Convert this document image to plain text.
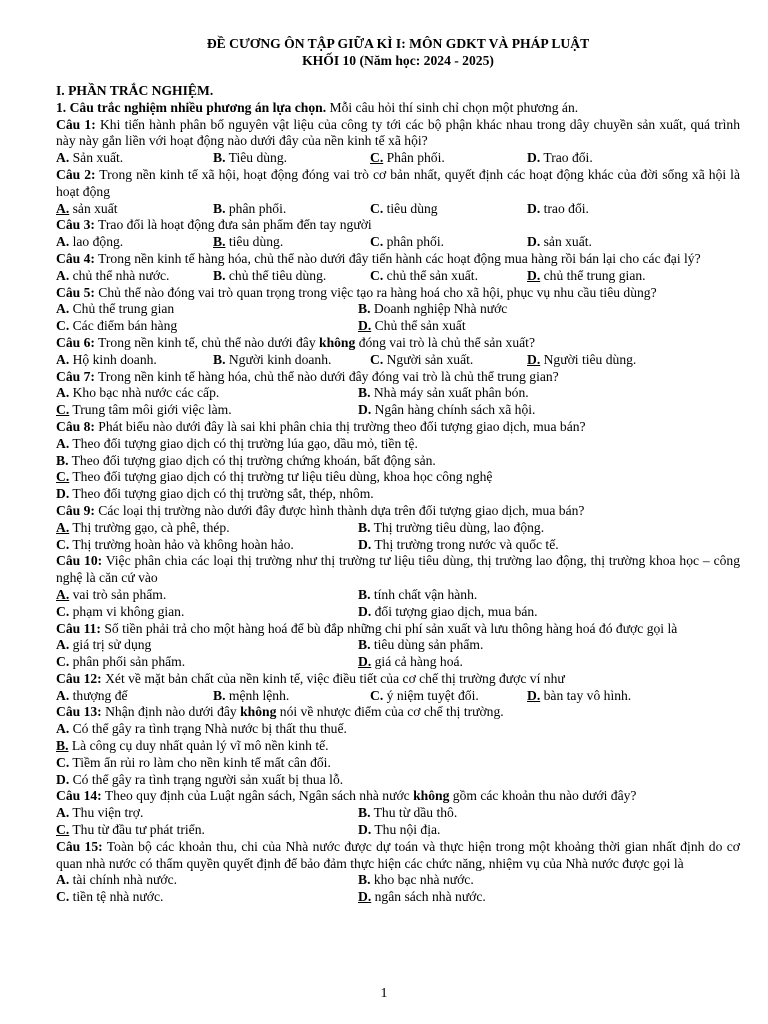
ĐỀ CƯƠNG ÔN TẬP GIỮA KÌ I: MÔN GDKT VÀ PHÁP LUẬT
KHỐI 10 (Năm học: 2024 - 2025)
I. PHẦN TRẮC NGHIỆM.
1. Câu trắc nghiệm nhiều phương án lựa chọn. Mỗi câu hỏi thí sinh chỉ chọn một phương án.
Câu 1: Khi tiến hành phân bố nguyên vật liệu của công ty tới các bộ phận khác nhau trong dây chuyền sản xuất, quá trình này này gắn liền với hoạt động nào dưới đây của nền kinh tế xã hội?
A. Sản xuất.	B. Tiêu dùng.	C. Phân phối.	D. Trao đổi.
Câu 2: Trong nền kinh tế xã hội, hoạt động đóng vai trò cơ bản nhất, quyết định các hoạt động khác của đời sống xã hội là hoạt động
A. sản xuất	B. phân phối.	C. tiêu dùng	D. trao đổi.
Câu 3: Trao đổi là hoạt động đưa sản phẩm đến tay người
A. lao động.	B. tiêu dùng.	C. phân phối.	D. sản xuất.
Câu 4: Trong nền kinh tế hàng hóa, chủ thể nào dưới đây tiến hành các hoạt động mua hàng rồi bán lại cho các đại lý?
A. chủ thể nhà nước.	B. chủ thể tiêu dùng.	C. chủ thể sản xuất.	D. chủ thể trung gian.
Câu 5: Chủ thể nào đóng vai trò quan trọng trong việc tạo ra hàng hoá cho xã hội, phục vụ nhu cầu tiêu dùng?
A. Chủ thể trung gian	B. Doanh nghiệp Nhà nước
C. Các điểm bán hàng	D. Chủ thể sản xuất
Câu 6: Trong nền kinh tế, chủ thể nào dưới đây không đóng vai trò là chủ thể sản xuất?
A. Hộ kinh doanh.	B. Người kinh doanh.	C. Người sản xuất.	D. Người tiêu dùng.
Câu 7: Trong nền kinh tế hàng hóa, chủ thể nào dưới đây đóng vai trò là chủ thể trung gian?
A. Kho bạc nhà nước các cấp.	B. Nhà máy sản xuất phân bón.
C. Trung tâm môi giới việc làm.	D. Ngân hàng chính sách xã hội.
Câu 8: Phát biểu nào dưới đây là sai khi phân chia thị trường theo đối tượng giao dịch, mua bán?
A. Theo đối tượng giao dịch có thị trường lúa gạo, dầu mỏ, tiền tệ.
B. Theo đối tượng giao dịch có thị trường chứng khoán, bất động sản.
C. Theo đối tượng giao dịch có thị trường tư liệu tiêu dùng, khoa học công nghệ
D. Theo đối tượng giao dịch có thị trường sắt, thép, nhôm.
Câu 9: Các loại thị trường nào dưới đây được hình thành dựa trên đối tượng giao dịch, mua bán?
A. Thị trường gạo, cà phê, thép.	B. Thị trường tiêu dùng, lao động.
C. Thị trường hoàn hảo và không hoàn hảo.	D. Thị trường trong nước và quốc tế.
Câu 10: Việc phân chia các loại thị trường như thị trường tư liệu tiêu dùng, thị trường lao động, thị trường khoa học – công nghệ là căn cứ vào
A. vai trò sản phẩm.	B. tính chất vận hành.
C. phạm vi không gian.	D. đối tượng giao dịch, mua bán.
Câu 11: Số tiền phải trả cho một hàng hoá để bù đắp những chi phí sản xuất và lưu thông hàng hoá đó được gọi là
A. giá trị sử dụng	B. tiêu dùng sản phẩm.
C. phân phối sản phẩm.	D. giá cả hàng hoá.
Câu 12: Xét về mặt bản chất của nền kinh tế, việc điều tiết của cơ chế thị trường được ví như
A. thượng đế	B. mệnh lệnh.	C. ý niệm tuyệt đối.	D. bàn tay vô hình.
Câu 13: Nhận định nào dưới đây không nói về nhược điểm của cơ chế thị trường.
A. Có thể gây ra tình trạng Nhà nước bị thất thu thuế.
B. Là công cụ duy nhất quản lý vĩ mô nền kinh tế.
C. Tiềm ẩn rủi ro làm cho nền kinh tế mất cân đối.
D. Có thể gây ra tình trạng người sản xuất bị thua lỗ.
Câu 14: Theo quy định của Luật ngân sách, Ngân sách nhà nước không gồm các khoản thu nào dưới đây?
A. Thu viện trợ.	B. Thu từ dầu thô.
C. Thu từ đầu tư phát triển.	D. Thu nội địa.
Câu 15: Toàn bộ các khoản thu, chi của Nhà nước được dự toán và thực hiện trong một khoảng thời gian nhất định do cơ quan nhà nước có thẩm quyền quyết định để bảo đảm thực hiện các chức năng, nhiệm vụ của Nhà nước được gọi là
A. tài chính nhà nước.	B. kho bạc nhà nước.
C. tiền tệ nhà nước.	D. ngân sách nhà nước.
1
